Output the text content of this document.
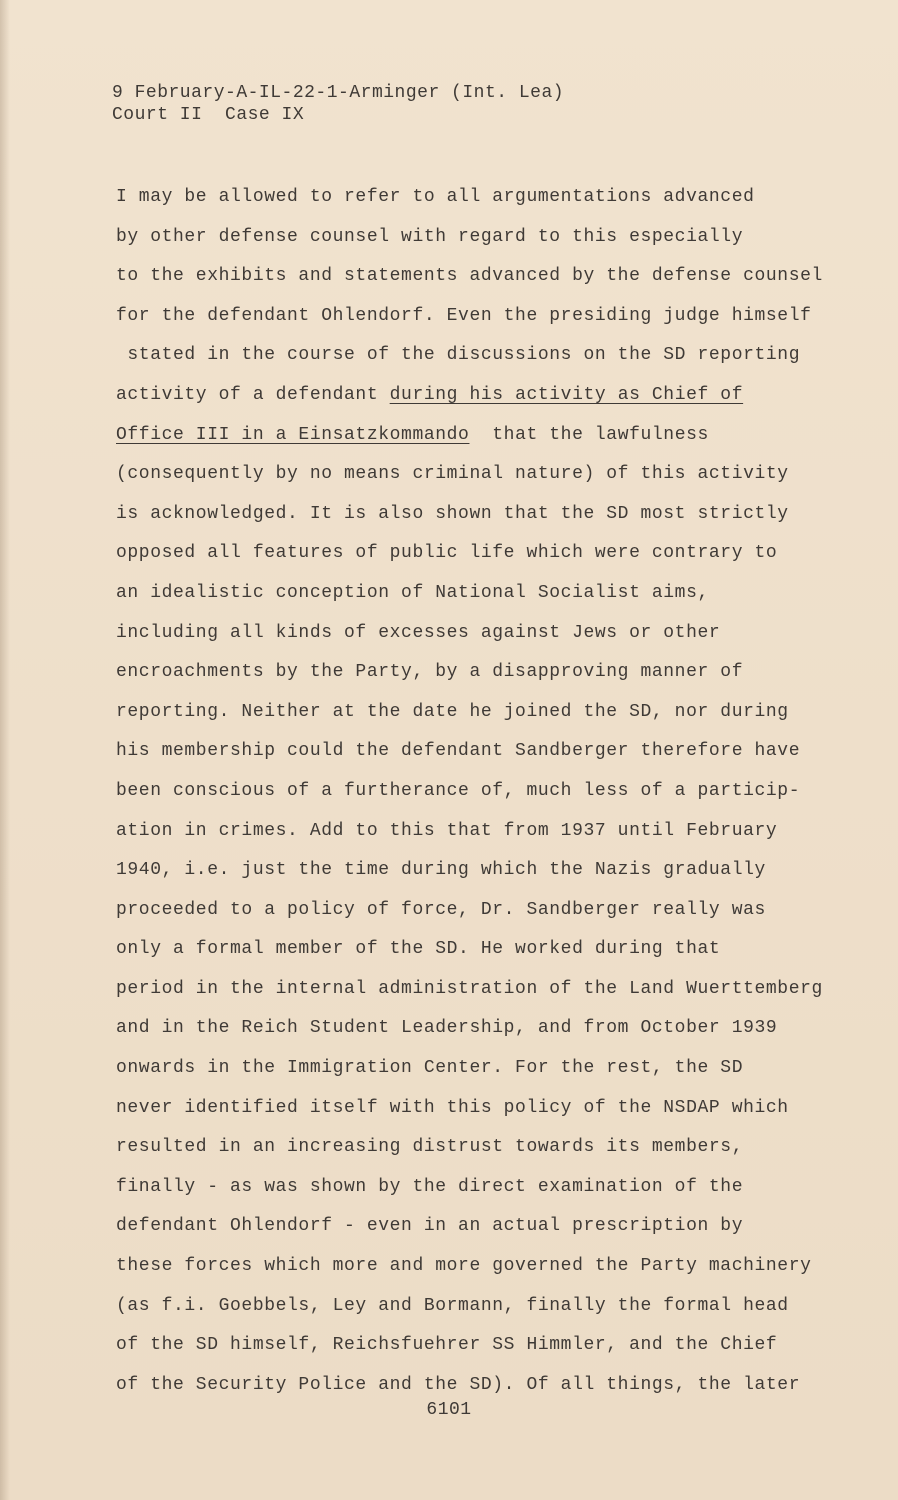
9 February-A-IL-22-1-Arminger (Int. Lea)
Court II  Case IX
I may be allowed to refer to all argumentations advanced
by other defense counsel with regard to this especially
to the exhibits and statements advanced by the defense counsel
for the defendant Ohlendorf. Even the presiding judge himself
stated in the course of the discussions on the SD reporting
activity of a defendant during his activity as Chief of
Office III in a Einsatzkommando  that the lawfulness
(consequently by no means criminal nature) of this activity
is acknowledged. It is also shown that the SD most strictly
opposed all features of public life which were contrary to
an idealistic conception of National Socialist aims,
including all kinds of excesses against Jews or other
encroachments by the Party, by a disapproving manner of
reporting. Neither at the date he joined the SD, nor during
his membership could the defendant Sandberger therefore have
been conscious of a furtherance of, much less of a particip-
ation in crimes. Add to this that from 1937 until February
1940, i.e. just the time during which the Nazis gradually
proceeded to a policy of force, Dr. Sandberger really was
only a formal member of the SD. He worked during that
period in the internal administration of the Land Wuerttemberg
and in the Reich Student Leadership, and from October 1939
onwards in the Immigration Center. For the rest, the SD
never identified itself with this policy of the NSDAP which
resulted in an increasing distrust towards its members,
finally - as was shown by the direct examination of the
defendant Ohlendorf - even in an actual prescription by
these forces which more and more governed the Party machinery
(as f.i. Goebbels, Ley and Bormann, finally the formal head
of the SD himself, Reichsfuehrer SS Himmler, and the Chief
of the Security Police and the SD). Of all things, the later
6101
